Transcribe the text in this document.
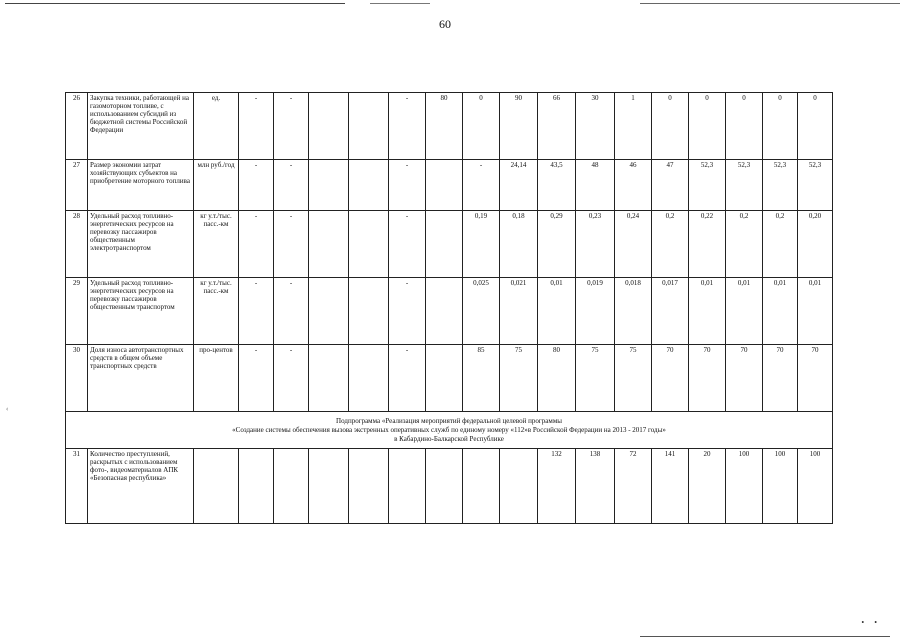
60
26	Закупка техники, работающей на газомоторном топливе, с использованием субсидий из бюджетной системы Российской Федерации	ед.	-	-			-	80	0	90	66	30	1	0	0	0	0	0
27	Размер экономии затрат хозяйствующих субъектов на приобретение моторного топлива	млн руб./год	-	-			-		-	24,14	43,5	48	46	47	52,3	52,3	52,3	52,3
28	Удельный расход топливно-энергетических ресурсов на перевозку пассажиров общественным электротранспортом	кг у.т./тыс. пасс.-км	-	-			-		0,19	0,18	0,29	0,23	0,24	0,2	0,22	0,2	0,2	0,20
29	Удельный расход топливно-энергетических ресурсов на перевозку пассажиров общественным транспортом	кг у.т./тыс. пасс.-км	-	-			-		0,025	0,021	0,01	0,019	0,018	0,017	0,01	0,01	0,01	0,01
30	Доля износа автотранспортных средств в общем объеме транспортных средств	про-центов	-	-			-		85	75	80	75	75	70	70	70	70	70

Подпрограмма «Реализация мероприятий федеральной целевой программы
«Создание системы обеспечения вызова экстренных оперативных служб по единому номеру «112»в Российской Федерации на 2013 - 2017 годы»
в Кабардино-Балкарской Республике																		

31	Количество преступлений, раскрытых с использованием фото-, видеоматериалов АПК «Безопасная республика»										132	138	72	141	20	100	100	100
‹
••
